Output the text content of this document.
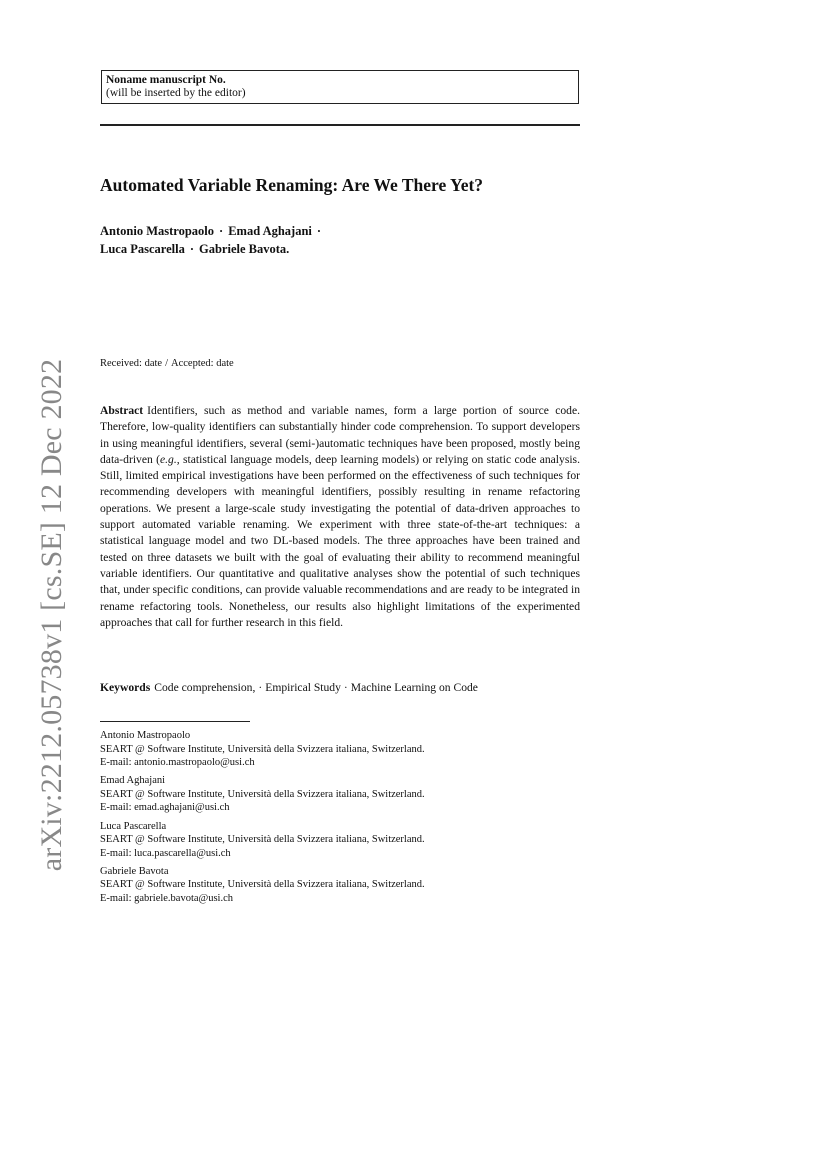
Noname manuscript No.
(will be inserted by the editor)
Automated Variable Renaming: Are We There Yet?
Antonio Mastropaolo · Emad Aghajani ·
Luca Pascarella · Gabriele Bavota.
Received: date / Accepted: date
arXiv:2212.05738v1 [cs.SE] 12 Dec 2022	Abstract Identifiers, such as method and variable names, form a large portion of source code. Therefore, low-quality identifiers can substantially hinder code comprehension. To support developers in using meaningful identifiers, several (semi-)automatic techniques have been proposed, mostly being data-driven (e.g., statistical language models, deep learning models) or relying on static code analysis. Still, limited empirical investigations have been performed on the effectiveness of such techniques for recommending developers with meaningful identifiers, possibly resulting in rename refactoring operations. We present a large-scale study investigating the potential of data-driven approaches to support automated variable renaming. We experiment with three state-of-the-art techniques: a statistical language model and two DL-based models. The three approaches have been trained and tested on three datasets we built with the goal of evaluating their ability to recommend meaningful variable identifiers. Our quantitative and qualitative analyses show the potential of such techniques that, under specific conditions, can provide valuable recommendations and are ready to be integrated in rename refactoring tools. Nonetheless, our results also highlight limitations of the experimented approaches that call for further research in this field.
Keywords Code comprehension, · Empirical Study · Machine Learning on Code
Antonio Mastropaolo
SEART @ Software Institute, Università della Svizzera italiana, Switzerland.
E-mail: antonio.mastropaolo@usi.ch
Emad Aghajani
SEART @ Software Institute, Università della Svizzera italiana, Switzerland.
E-mail: emad.aghajani@usi.ch
Luca Pascarella
SEART @ Software Institute, Università della Svizzera italiana, Switzerland.
E-mail: luca.pascarella@usi.ch
Gabriele Bavota
SEART @ Software Institute, Università della Svizzera italiana, Switzerland.
E-mail: gabriele.bavota@usi.ch
